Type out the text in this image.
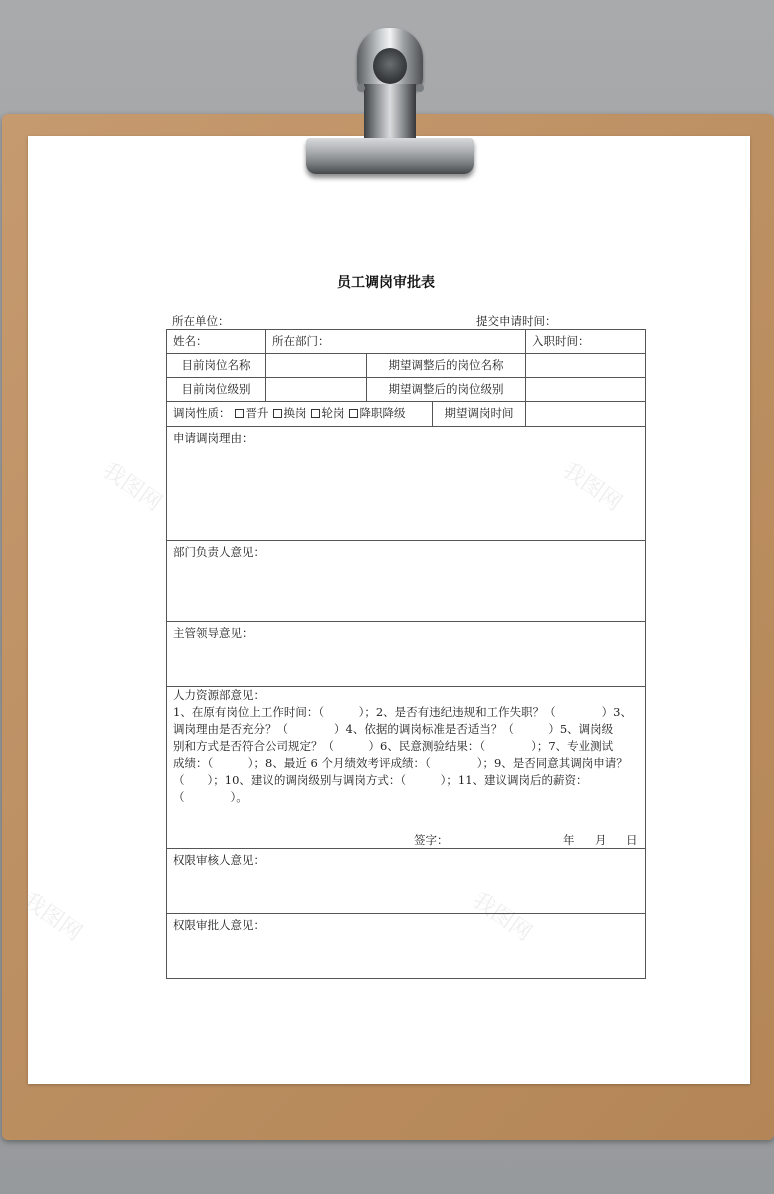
我图网	我图网
我图网	我图网
员工调岗审批表
所在单位：	提交申请时间：
姓名：	所在部门：	入职时间：
目前岗位名称	期望调整后的岗位名称
目前岗位级别	期望调整后的岗位级别
调岗性质： 晋升 换岗 轮岗 降职降级	期望调岗时间
申请调岗理由：
部门负责人意见：
主管领导意见：
人力资源部意见：
1、在原有岗位上工作时间：（　　　）；2、是否有违纪违规和工作失职？（　　　　）3、
调岗理由是否充分？（　　　　）4、依据的调岗标准是否适当？（　　　）5、调岗级
别和方式是否符合公司规定？（　　　）6、民意测验结果：（　　　　）；7、专业测试
成绩：（　　　）；8、最近 6 个月绩效考评成绩：（　　　　）；9、是否同意其调岗申请？
（　　）；10、建议的调岗级别与调岗方式：（　　　）；11、建议调岗后的薪资：
（　　　　）。
签字：	年 月 日
权限审核人意见：
权限审批人意见：
